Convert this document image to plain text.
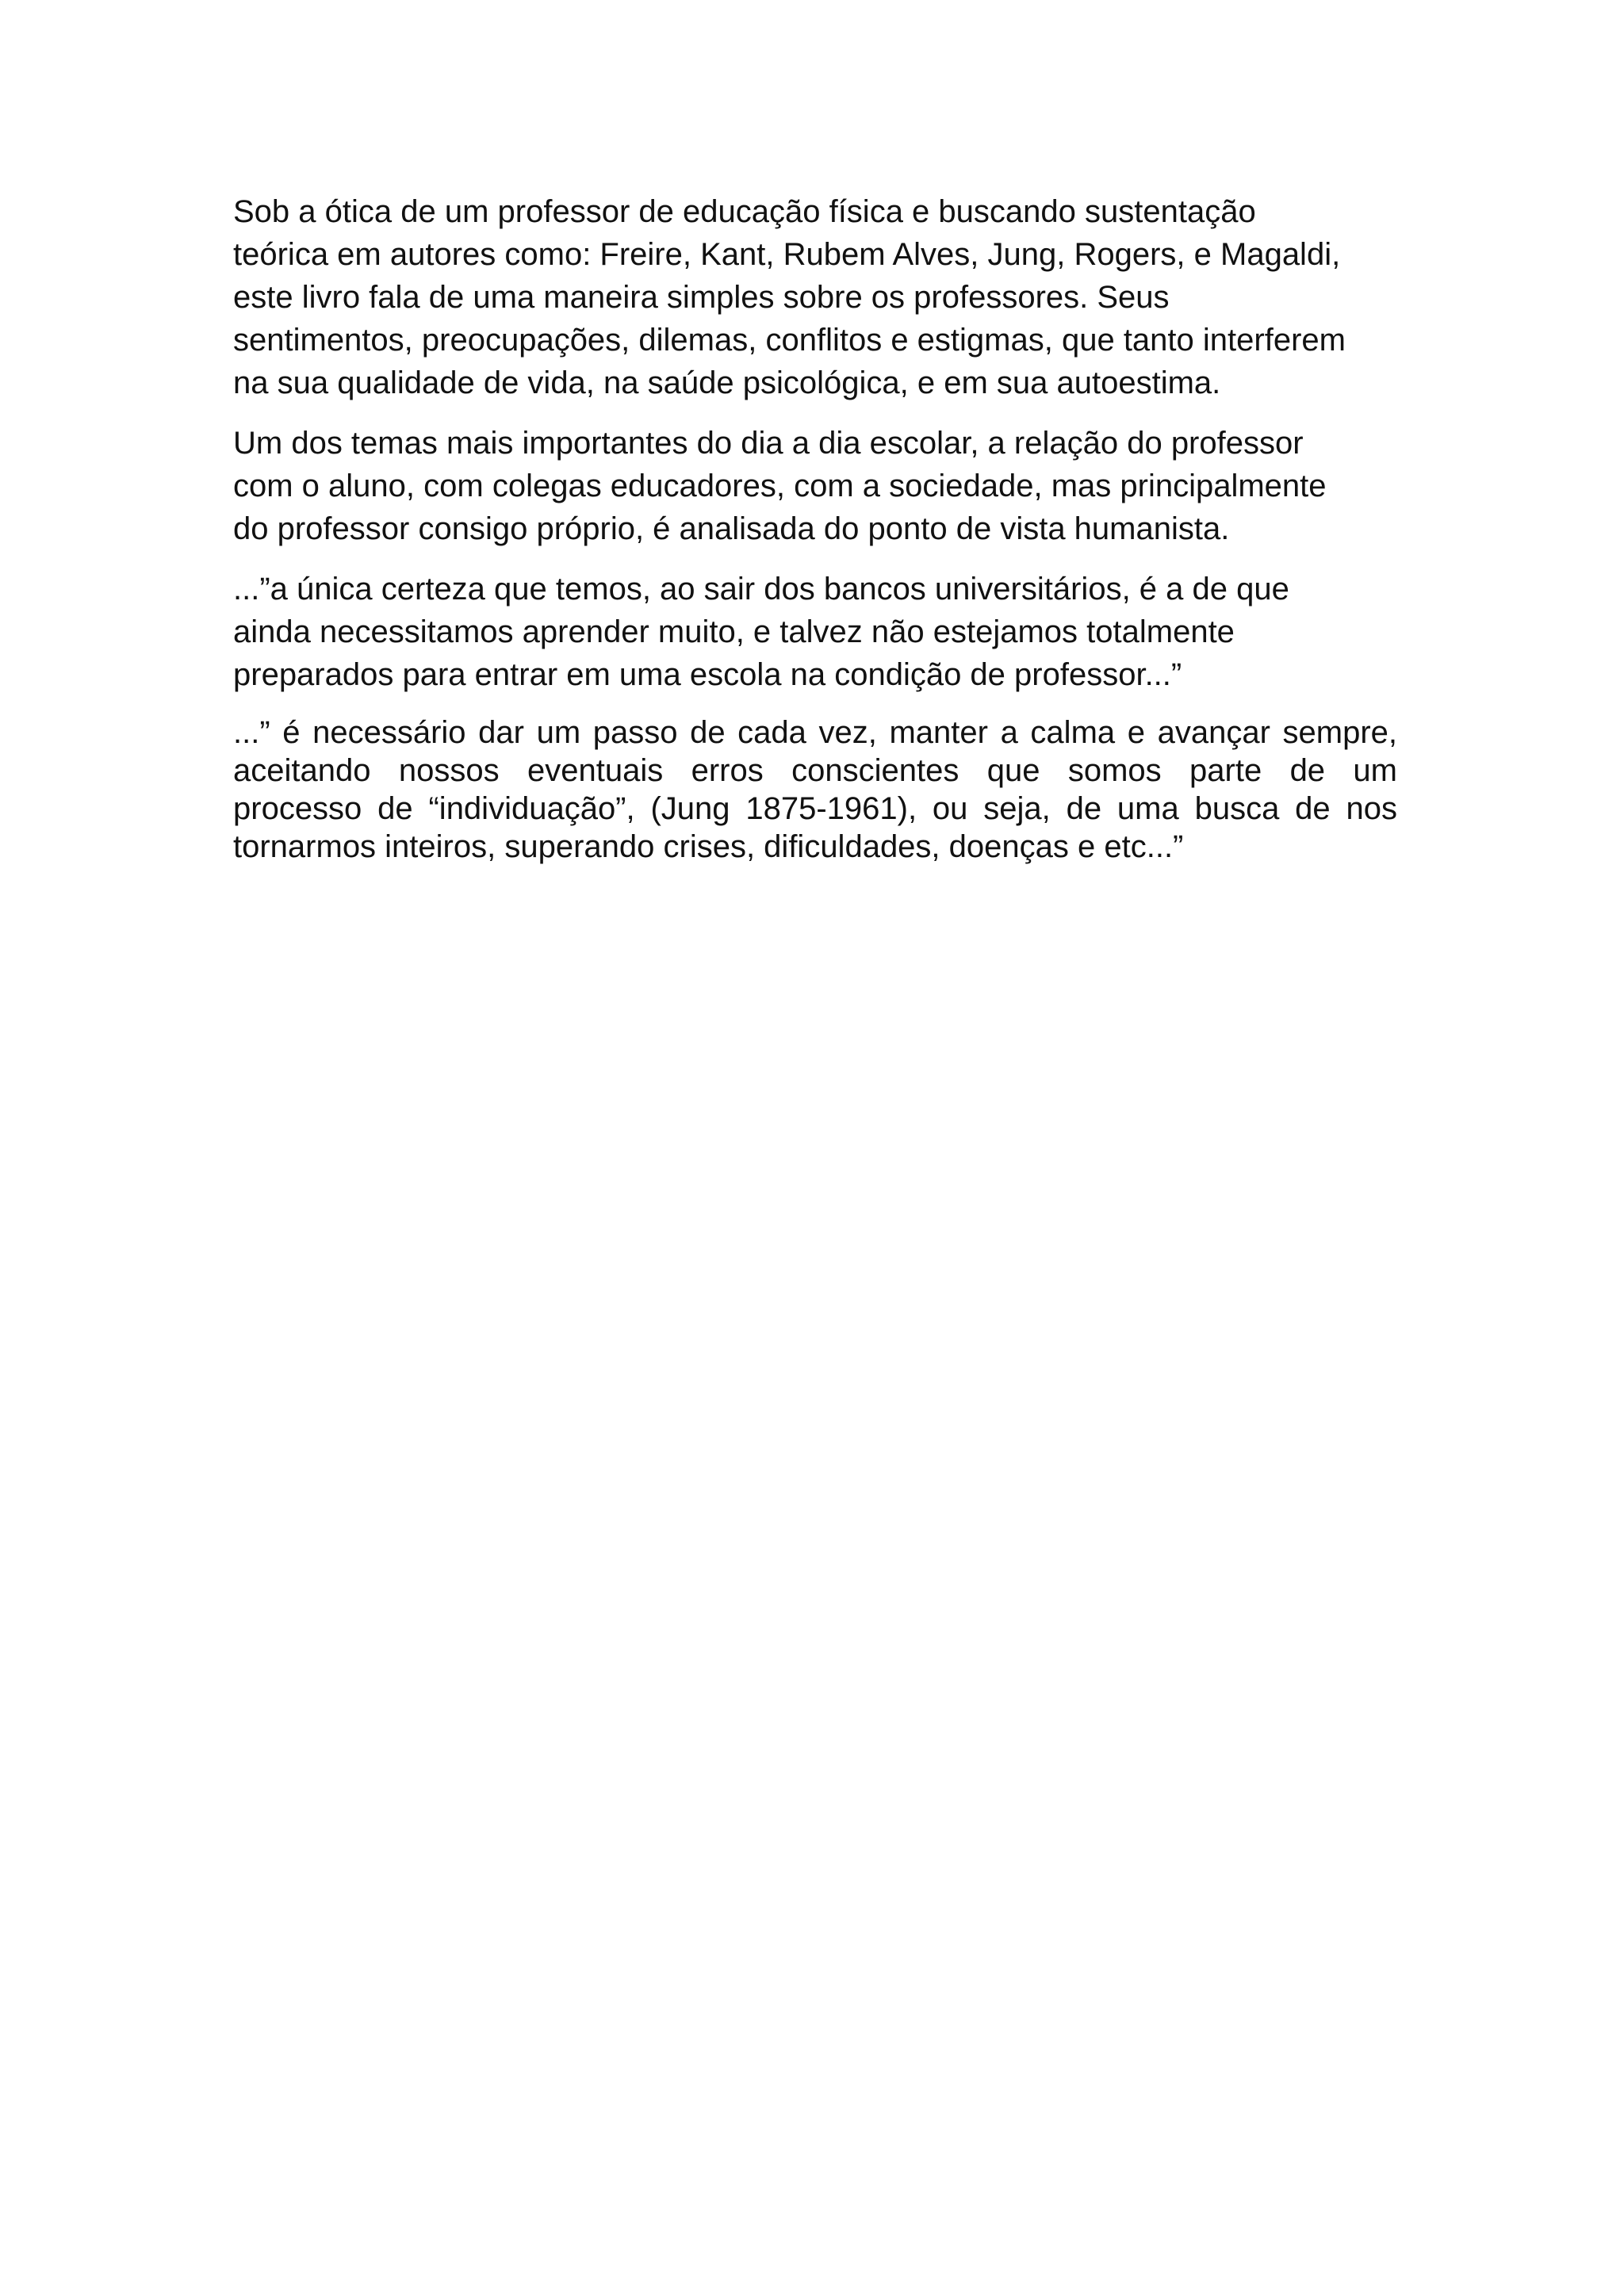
Sob a ótica de um professor de educação física e buscando sustentação
teórica em autores como: Freire, Kant, Rubem Alves, Jung, Rogers, e Magaldi,
este livro fala de uma maneira simples sobre os professores. Seus
sentimentos, preocupações, dilemas, conflitos e estigmas, que tanto interferem
na sua qualidade de vida, na saúde psicológica, e em sua autoestima.

Um dos temas mais importantes do dia a dia escolar, a relação do professor
com o aluno, com colegas educadores, com a sociedade, mas principalmente
do professor consigo próprio, é analisada do ponto de vista humanista.

...”a única certeza que temos, ao sair dos bancos universitários, é a de que
ainda necessitamos aprender muito, e talvez não estejamos totalmente
preparados para entrar em uma escola na condição de professor...”

...” é necessário dar um passo de cada vez, manter a calma e avançar sempre,
aceitando nossos eventuais erros conscientes que somos parte de um
processo de “individuação”, (Jung 1875-1961), ou seja, de uma busca de nos
tornarmos inteiros, superando crises, dificuldades, doenças e etc...”
